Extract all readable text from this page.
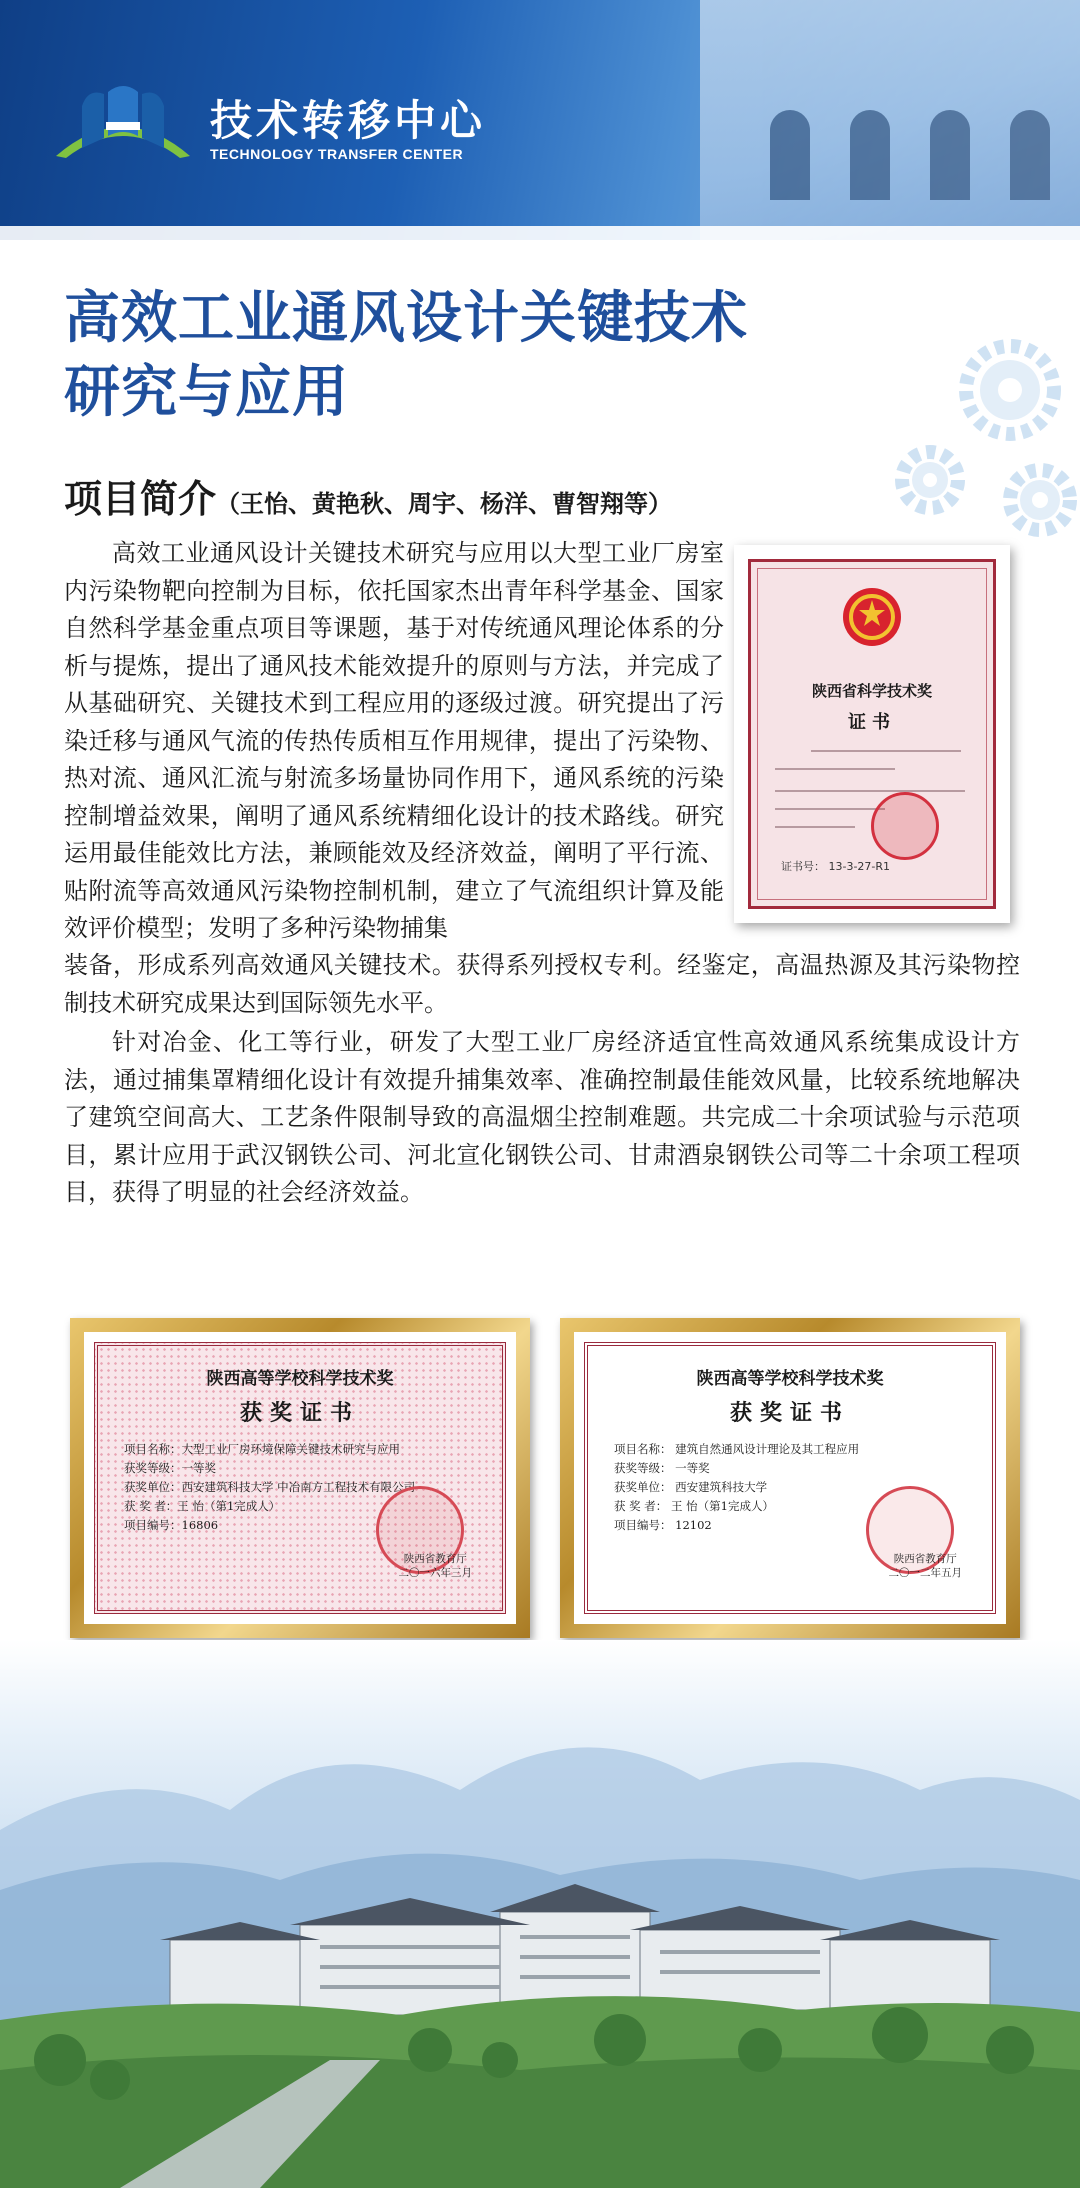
技术转移中心
TECHNOLOGY TRANSFER CENTER
高效工业通风设计关键技术
研究与应用
项目简介（王怡、黄艳秋、周宇、杨洋、曹智翔等）

高效工业通风设计关键技术研究与应用以大型工业厂房室内污染物靶向控制为目标，依托国家杰出青年科学基金、国家自然科学基金重点项目等课题，基于对传统通风理论体系的分析与提炼，提出了通风技术能效提升的原则与方法，并完成了从基础研究、关键技术到工程应用的逐级过渡。研究提出了污染迁移与通风气流的传热传质相互作用规律，提出了污染物、热对流、通风汇流与射流多场量协同作用下，通风系统的污染控制增益效果，阐明了通风系统精细化设计的技术路线。研究运用最佳能效比方法，兼顾能效及经济效益，阐明了平行流、贴附流等高效通风污染物控制机制，建立了气流组织计算及能效评价模型；发明了多种污染物捕集

装备，形成系列高效通风关键技术。获得系列授权专利。经鉴定，高温热源及其污染物控制技术研究成果达到国际领先水平。

针对冶金、化工等行业，研发了大型工业厂房经济适宜性高效通风系统集成设计方法，通过捕集罩精细化设计有效提升捕集效率、准确控制最佳能效风量，比较系统地解决了建筑空间高大、工艺条件限制导致的高温烟尘控制难题。共完成二十余项试验与示范项目，累计应用于武汉钢铁公司、河北宣化钢铁公司、甘肃酒泉钢铁公司等二十余项工程项目，获得了明显的社会经济效益。

陕西省科学技术奖
证书
证书号： 13-3-27-R1
陕西高等学校科学技术奖
获奖证书
项目名称：大型工业厂房环境保障关键技术研究与应用
获奖等级：一等奖
获奖单位：西安建筑科技大学 中冶南方工程技术有限公司
获 奖 者：王 怡（第1完成人）
项目编号：16806
陕西省教育厅
二〇一六年三月
陕西高等学校科学技术奖
获奖证书
项目名称： 建筑自然通风设计理论及其工程应用
获奖等级： 一等奖
获奖单位： 西安建筑科技大学
获 奖 者： 王 怡（第1完成人）
项目编号： 12102
陕西省教育厅
二〇一二年五月
